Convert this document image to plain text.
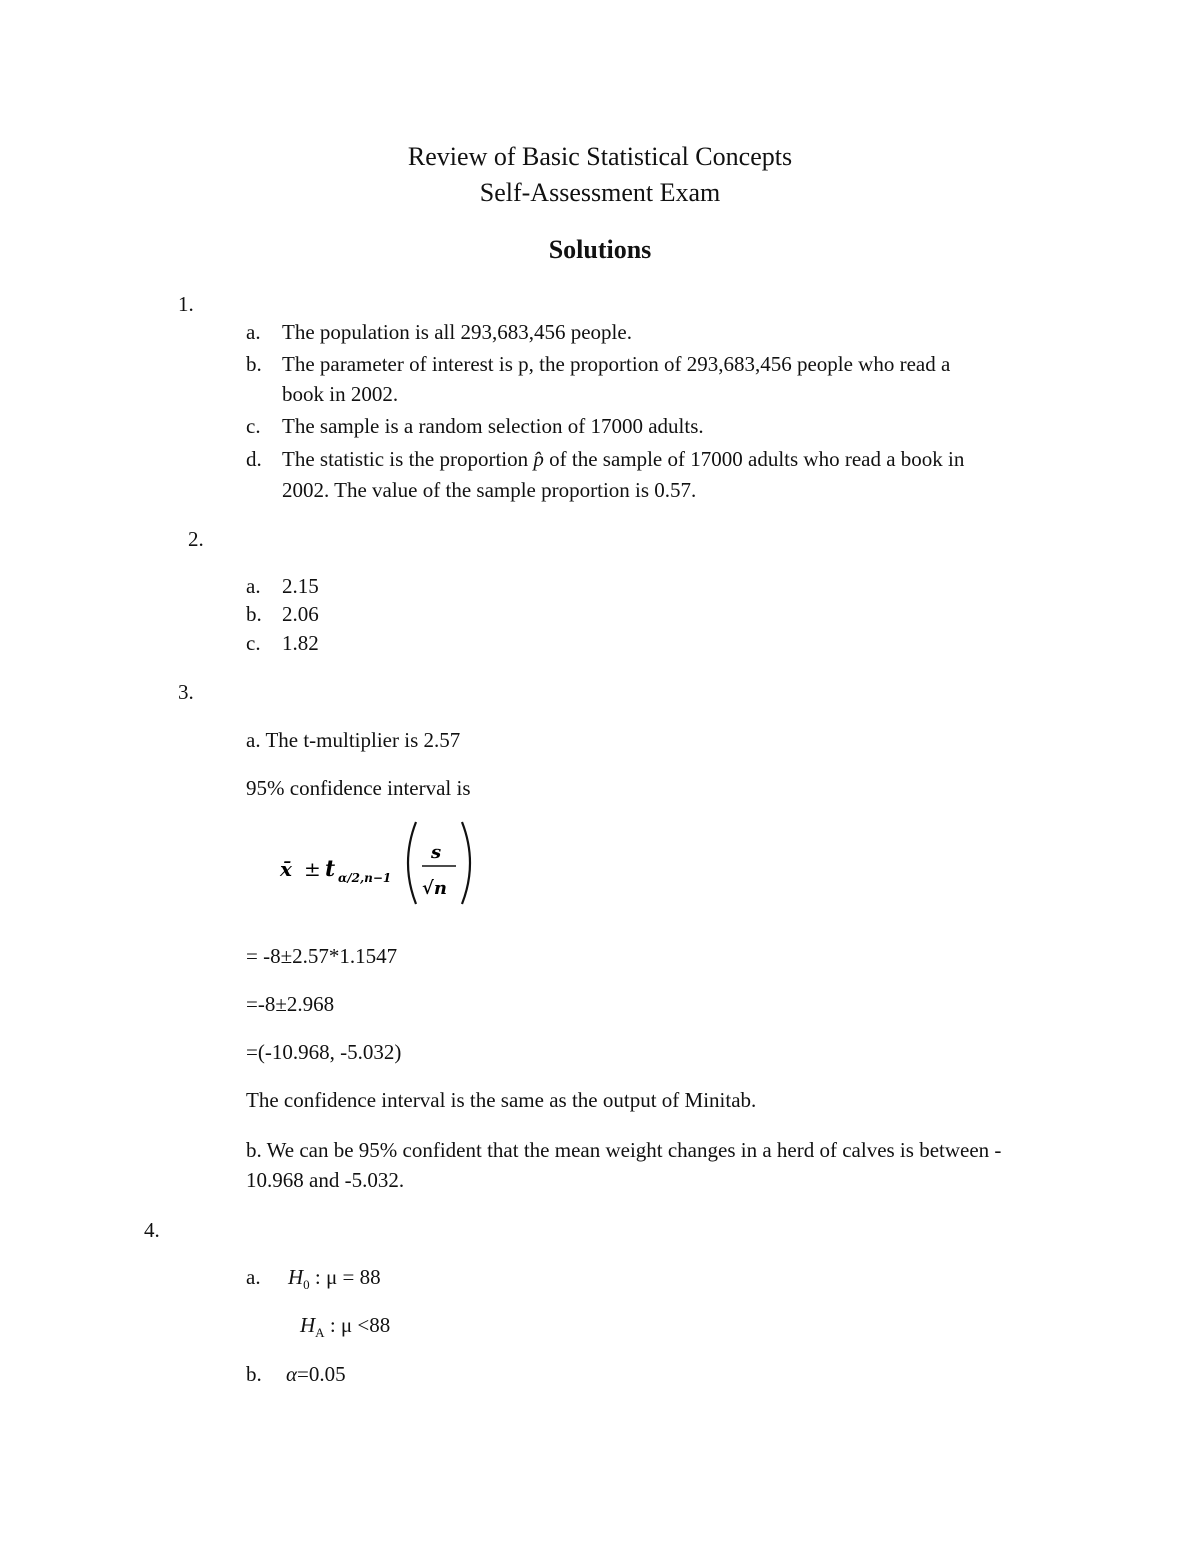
Review of Basic Statistical Concepts
Self-Assessment Exam
Solutions
1.
a. The population is all 293,683,456 people.
b. The parameter of interest is p, the proportion of 293,683,456 people who read a
book in 2002.
c. The sample is a random selection of 17000 adults.
d. The statistic is the proportion p̂ of the sample of 17000 adults who read a book in
2002. The value of the sample proportion is 0.57.
2.
a. 2.15
b. 2.06
c. 1.82
3.
a. The t-multiplier is 2.57
95% confidence interval is
x̄ ± t α/2,n−1
s
√n
= -8±2.57*1.1547
=-8±2.968
=(-10.968, -5.032)
The confidence interval is the same as the output of Minitab.
b. We can be 95% confident that the mean weight changes in a herd of calves is between -
10.968 and -5.032.
4.
a. $H_0$ : μ = 88
$H_A$ : μ <88
b. α=0.05
